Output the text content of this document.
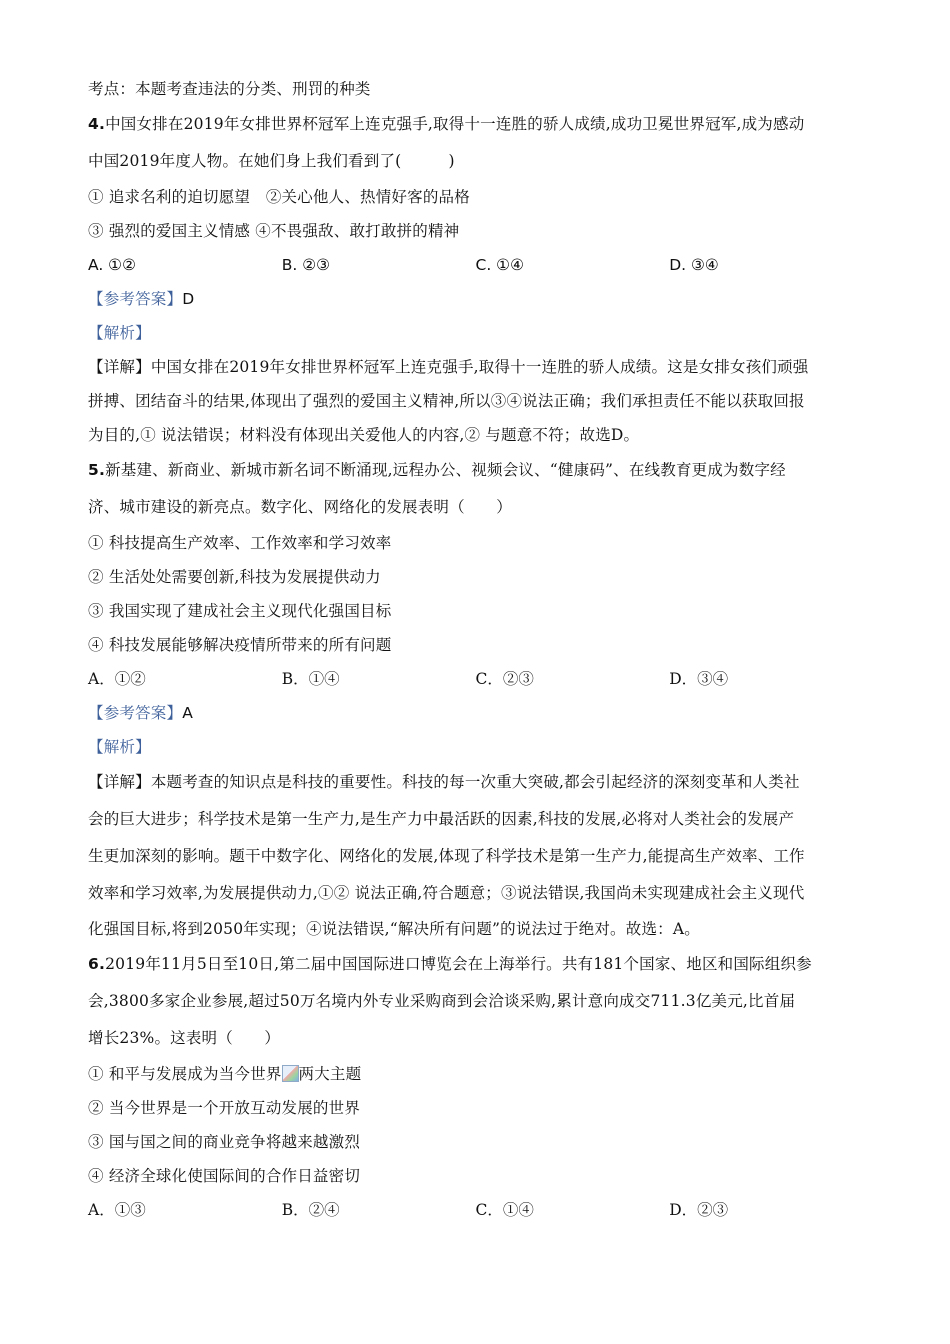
考点：本题考查违法的分类、刑罚的种类
4.中国女排在2019年女排世界杯冠军上连克强手,取得十一连胜的骄人成绩,成功卫冕世界冠军,成为感动
中国2019年度人物。在她们身上我们看到了(　　　)
① 追求名利的迫切愿望　②关心他人、热情好客的品格
③ 强烈的爱国主义情感 ④不畏强敌、敢打敢拼的精神
A. ①②	B. ②③	C. ①④	D. ③④
【参考答案】D
【解析】
【详解】中国女排在2019年女排世界杯冠军上连克强手,取得十一连胜的骄人成绩。这是女排女孩们顽强
拼搏、团结奋斗的结果,体现出了强烈的爱国主义精神,所以③④说法正确；我们承担责任不能以获取回报
为目的,① 说法错误；材料没有体现出关爱他人的内容,② 与题意不符；故选D。
5.新基建、新商业、新城市新名词不断涌现,远程办公、视频会议、“健康码”、在线教育更成为数字经
济、城市建设的新亮点。数字化、网络化的发展表明（　　）
① 科技提高生产效率、工作效率和学习效率
② 生活处处需要创新,科技为发展提供动力
③ 我国实现了建成社会主义现代化强国目标
④ 科技发展能够解决疫情所带来的所有问题
A．①②	B．①④	C．②③	D．③④
【参考答案】A
【解析】
【详解】本题考查的知识点是科技的重要性。科技的每一次重大突破,都会引起经济的深刻变革和人类社
会的巨大进步；科学技术是第一生产力,是生产力中最活跃的因素,科技的发展,必将对人类社会的发展产
生更加深刻的影响。题干中数字化、网络化的发展,体现了科学技术是第一生产力,能提高生产效率、工作
效率和学习效率,为发展提供动力,①② 说法正确,符合题意；③说法错误,我国尚未实现建成社会主义现代
化强国目标,将到2050年实现；④说法错误,“解决所有问题”的说法过于绝对。故选：A。
6.2019年11月5日至10日,第二届中国国际进口博览会在上海举行。共有181个国家、地区和国际组织参
会,3800多家企业参展,超过50万名境内外专业采购商到会洽谈采购,累计意向成交711.3亿美元,比首届
增长23%。这表明（　　）
① 和平与发展成为当今世界 两大主题
② 当今世界是一个开放互动发展的世界
③ 国与国之间的商业竞争将越来越激烈
④ 经济全球化使国际间的合作日益密切
A．①③	B．②④	C．①④	D．②③
